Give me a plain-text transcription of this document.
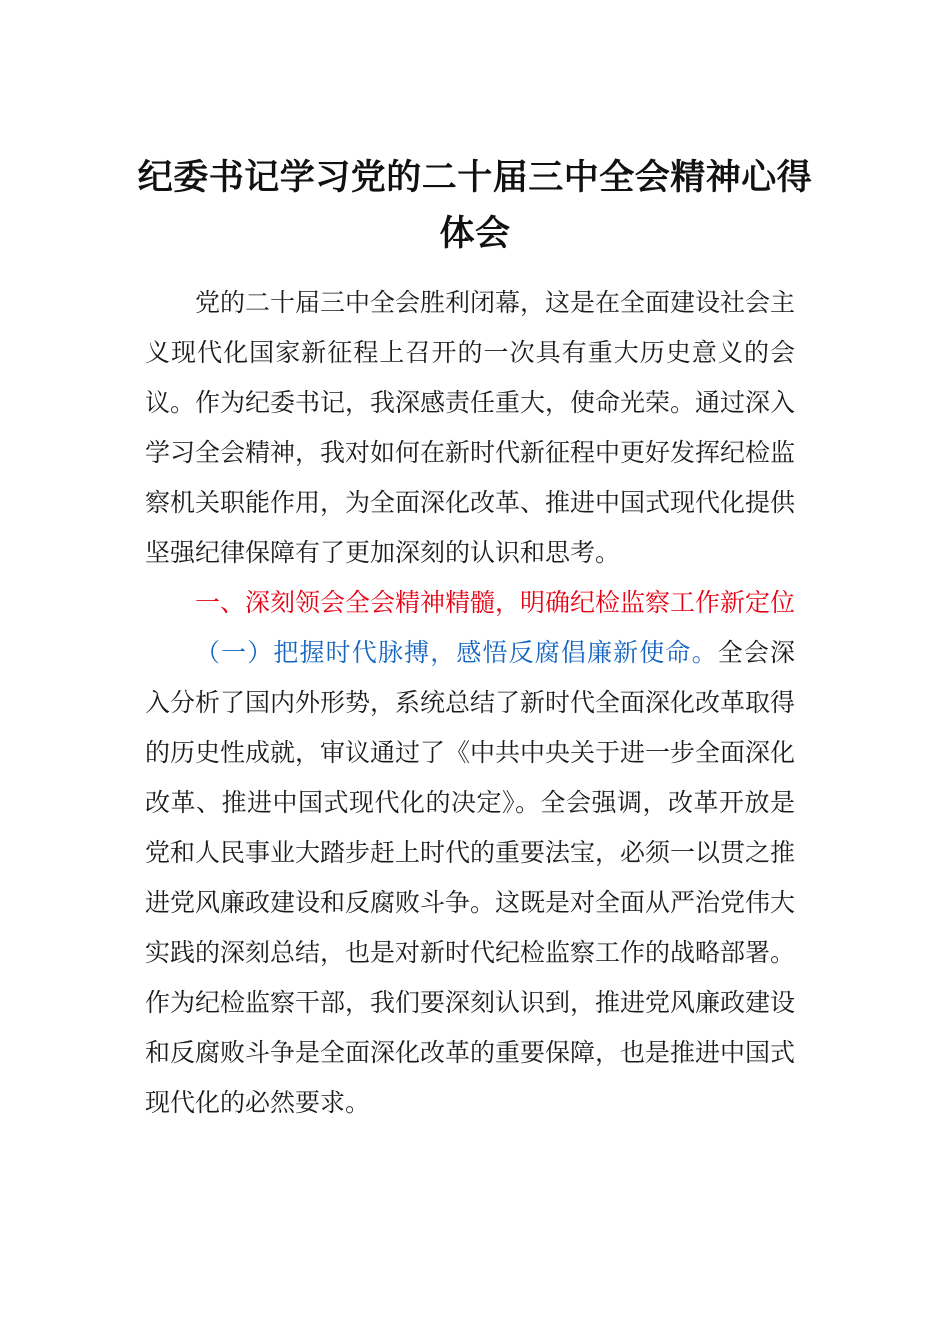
纪委书记学习党的二十届三中全会精神心得
体会

党的二十届三中全会胜利闭幕，这是在全面建设社会主义现代化国家新征程上召开的一次具有重大历史意义的会议。作为纪委书记，我深感责任重大，使命光荣。通过深入学习全会精神，我对如何在新时代新征程中更好发挥纪检监察机关职能作用，为全面深化改革、推进中国式现代化提供坚强纪律保障有了更加深刻的认识和思考。

一、深刻领会全会精神精髓，明确纪检监察工作新定位

（一）把握时代脉搏，感悟反腐倡廉新使命。全会深入分析了国内外形势，系统总结了新时代全面深化改革取得的历史性成就，审议通过了《中共中央关于进一步全面深化改革、推进中国式现代化的决定》。全会强调，改革开放是党和人民事业大踏步赶上时代的重要法宝，必须一以贯之推进党风廉政建设和反腐败斗争。这既是对全面从严治党伟大实践的深刻总结，也是对新时代纪检监察工作的战略部署。作为纪检监察干部，我们要深刻认识到，推进党风廉政建设和反腐败斗争是全面深化改革的重要保障，也是推进中国式现代化的必然要求。
